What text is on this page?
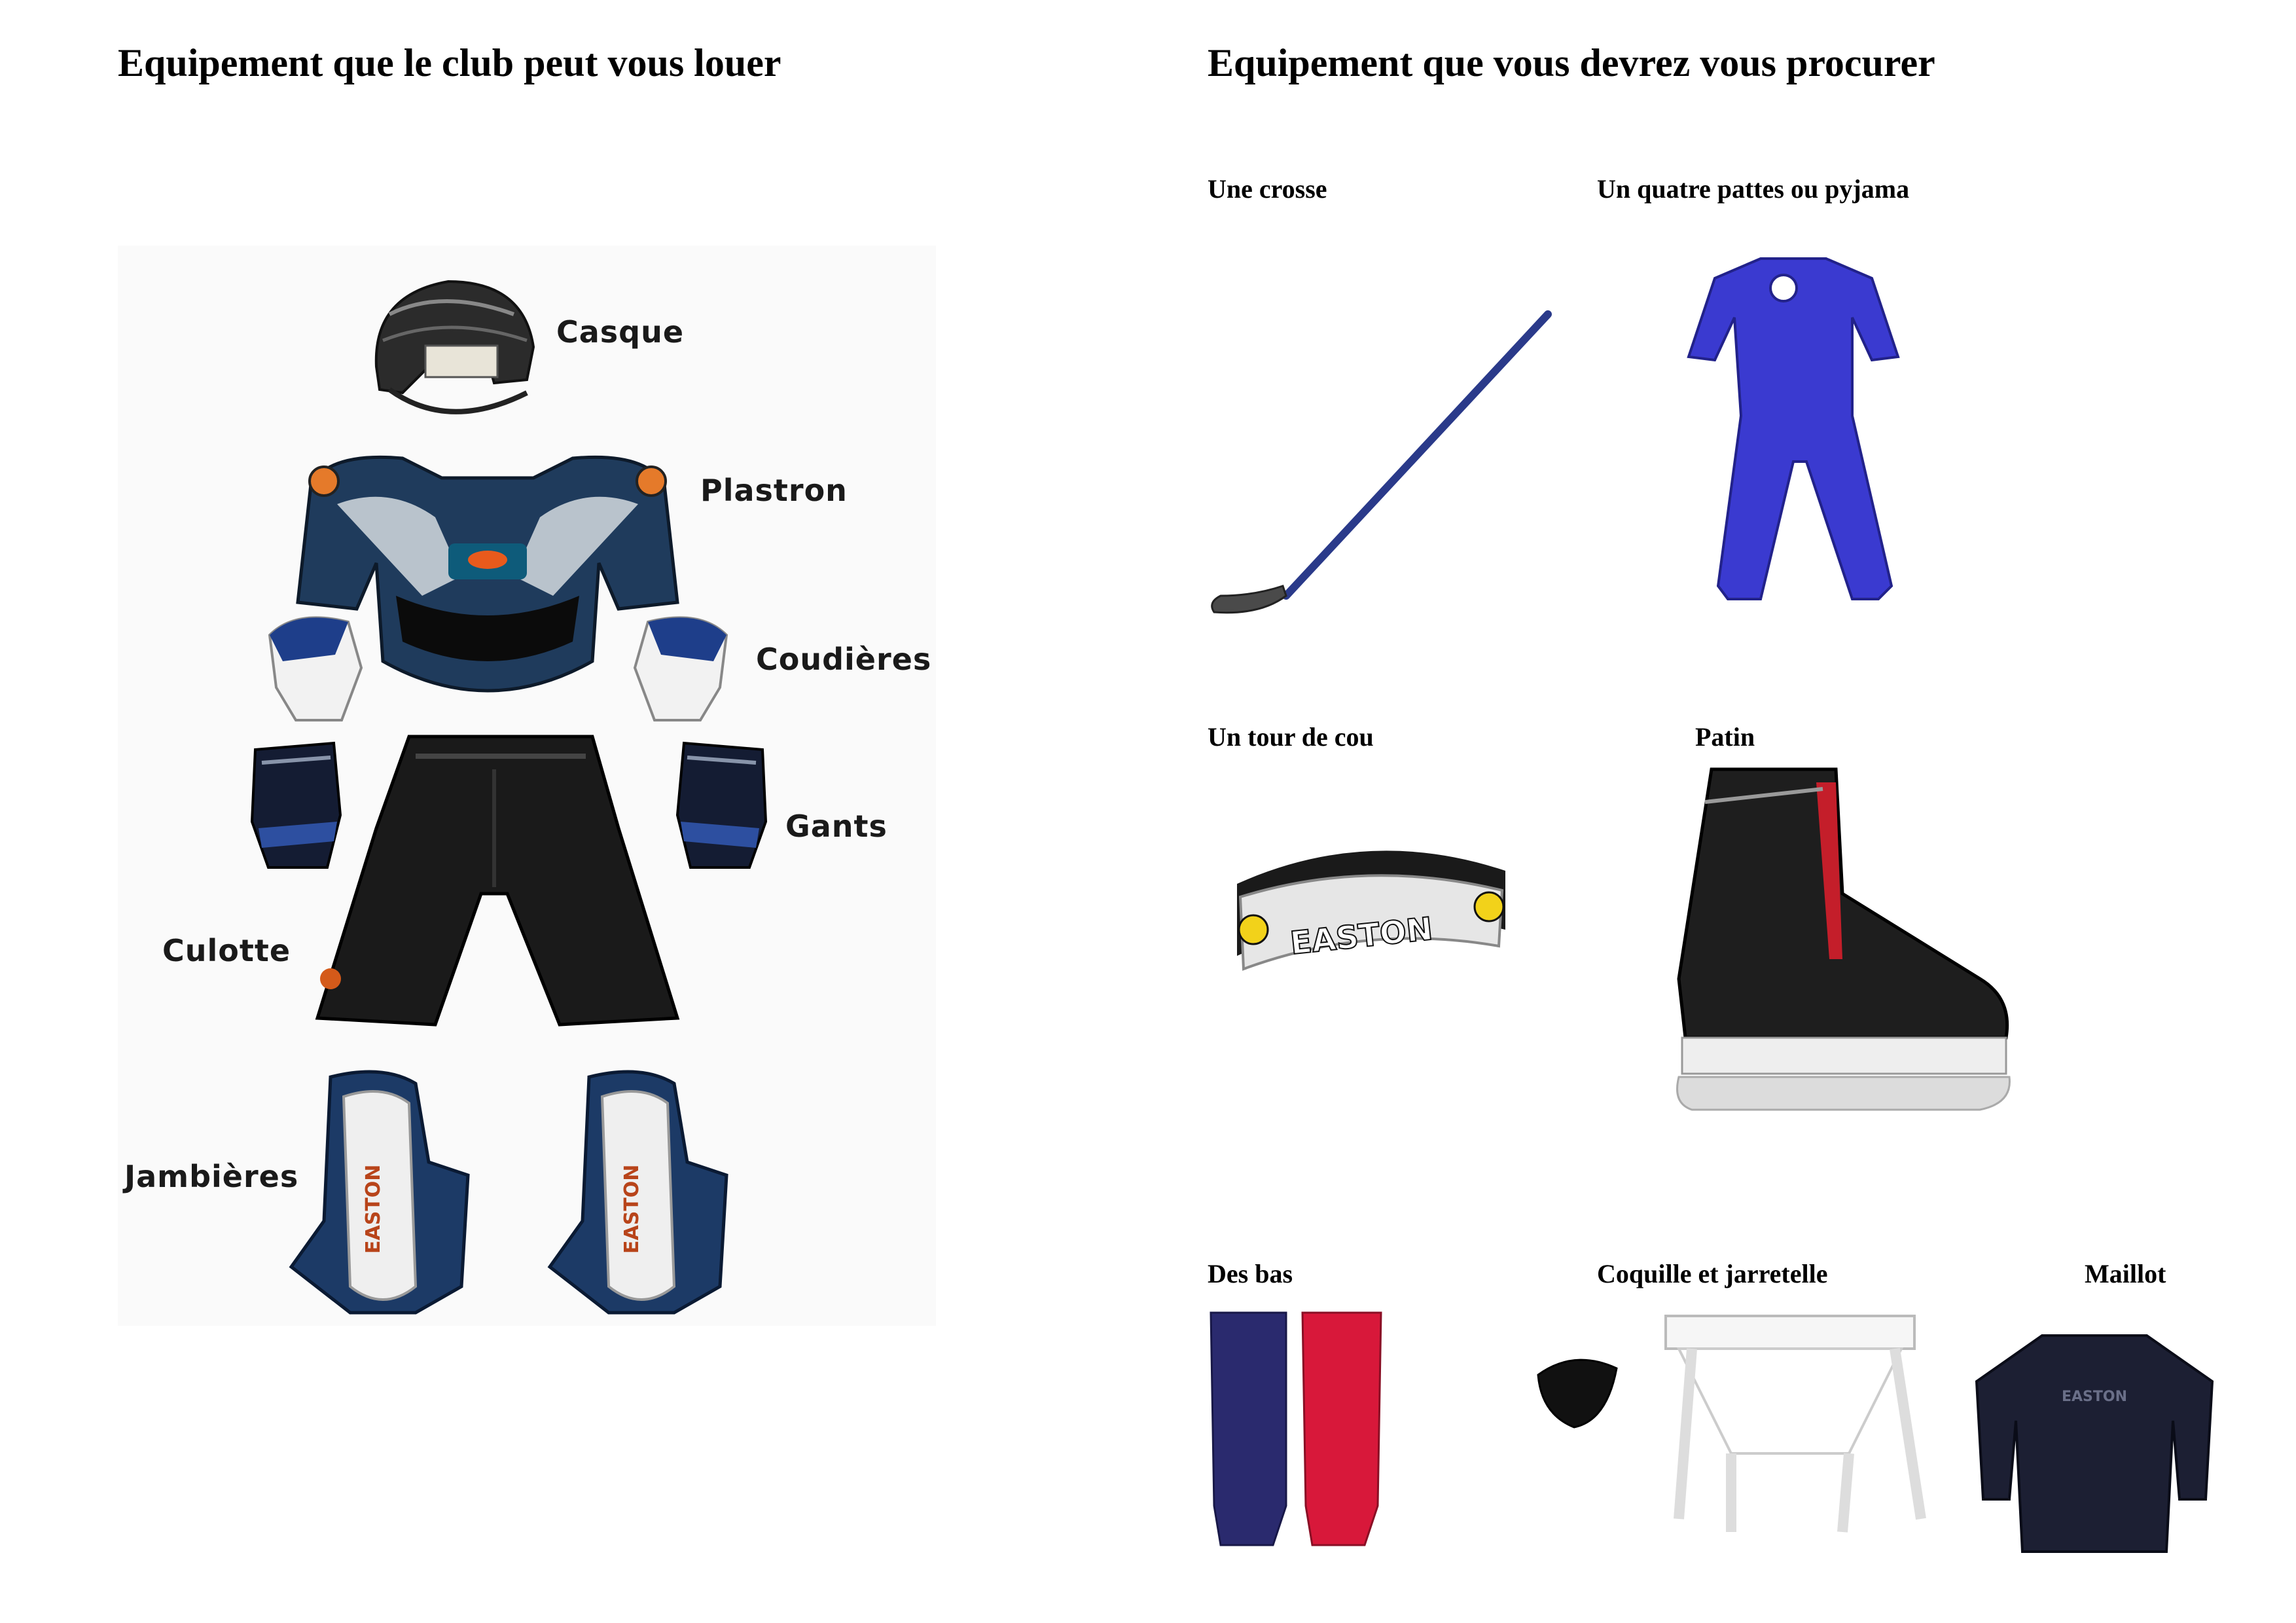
Equipement que le club peut vous louer
Casque
Plastron
Coudières
Gants
Culotte
EASTON	EASTON
Jambières
Equipement que vous devrez vous procurer
Une crosse	Un quatre pattes ou pyjama
Un tour de cou
EASTON
Patin
Des bas	Coquille et jarretelle	Maillot
EASTON
